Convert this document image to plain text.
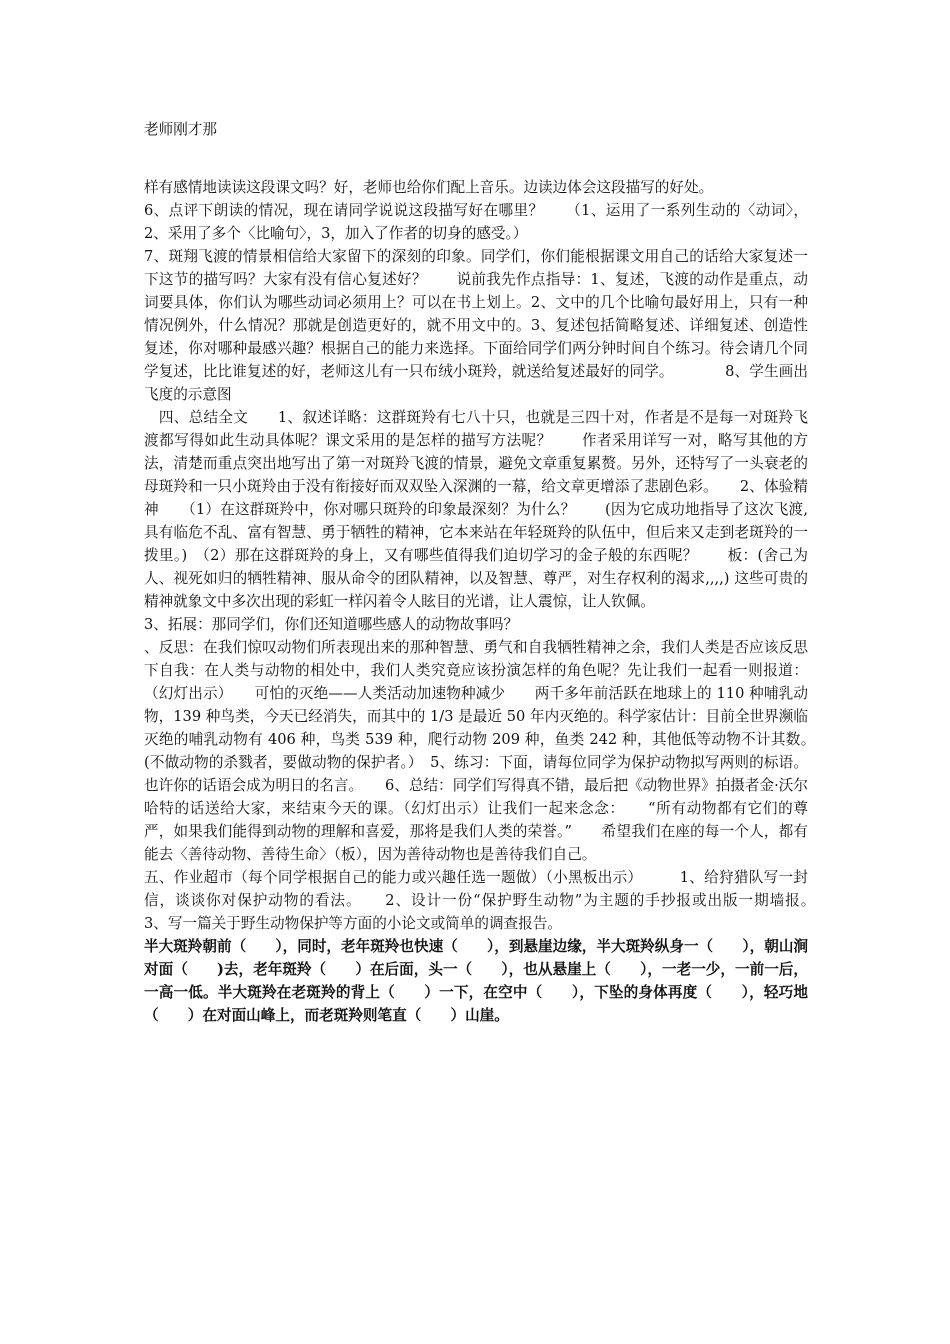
老师刚才那

样有感情地读读这段课文吗？好，老师也给你们配上音乐。边读边体会这段描写的好处。

6、点评下朗读的情况，现在请同学说说这段描写好在哪里？　　（1、运用了一系列生动的〈动词〉，2、采用了多个〈比喻句〉，3，加入了作者的切身的感受。）

7、斑翔飞渡的情景相信给大家留下的深刻的印象。同学们，你们能根据课文用自己的话给大家复述一下这节的描写吗？大家有没有信心复述好？　　说前我先作点指导：1、复述，飞渡的动作是重点，动词要具体，你们认为哪些动词必须用上？可以在书上划上。2、文中的几个比喻句最好用上，只有一种情况例外，什么情况？那就是创造更好的，就不用文中的。3、复述包括简略复述、详细复述、创造性复述，你对哪种最感兴趣？根据自己的能力来选择。下面给同学们两分钟时间自个练习。待会请几个同学复述，比比谁复述的好，老师这儿有一只布绒小斑羚，就送给复述最好的同学。　　　　8、学生画出飞度的示意图

　四、总结全文　　1、叙述详略：这群斑羚有七八十只，也就是三四十对，作者是不是每一对斑羚飞渡都写得如此生动具体呢？课文采用的是怎样的描写方法呢？　　作者采用详写一对，略写其他的方法，清楚而重点突出地写出了第一对斑羚飞渡的情景，避免文章重复累赘。另外，还特写了一头衰老的母斑羚和一只小斑羚由于没有衔接好而双双坠入深渊的一幕，给文章更增添了悲剧色彩。　　2、体验精神　　（1）在这群斑羚中，你对哪只斑羚的印象最深刻？为什么？　　(因为它成功地指导了这次飞渡,具有临危不乱、富有智慧、勇于牺牲的精神，它本来站在年轻斑羚的队伍中，但后来又走到老斑羚的一拨里。)　（2）那在这群斑羚的身上，又有哪些值得我们迫切学习的金子般的东西呢？　　板：(舍己为人、视死如归的牺牲精神、服从命令的团队精神，以及智慧、尊严，对生存权利的渴求,,,,) 这些可贵的精神就象文中多次出现的彩虹一样闪着令人眩目的光谱，让人震惊，让人钦佩。

3、拓展：那同学们，你们还知道哪些感人的动物故事吗？

、反思：在我们惊叹动物们所表现出来的那种智慧、勇气和自我牺牲精神之余，我们人类是否应该反思下自我：在人类与动物的相处中，我们人类究竟应该扮演怎样的角色呢？先让我们一起看一则报道：（幻灯出示）　　可怕的灭绝——人类活动加速物种减少　　两千多年前活跃在地球上的 110 种哺乳动物，139 种鸟类，今天已经消失，而其中的 1/3 是最近 50 年内灭绝的。科学家估计：目前全世界濒临灭绝的哺乳动物有 406 种，鸟类 539 种，爬行动物 209 种，鱼类 242 种，其他低等动物不计其数。　　(不做动物的杀戮者，要做动物的保护者。）　5、练习：下面，请每位同学为保护动物拟写两则的标语。也许你的话语会成为明日的名言。　　6、总结：同学们写得真不错，最后把《动物世界》拍摄者金·沃尔哈特的话送给大家，来结束今天的课。（幻灯出示）让我们一起来念念：　　“所有动物都有它们的尊严，如果我们能得到动物的理解和喜爱，那将是我们人类的荣誉。”　　希望我们在座的每一个人，都有能去〈善待动物、善待生命〉（板），因为善待动物也是善待我们自己。

五、作业超市（每个同学根据自己的能力或兴趣任选一题做）（小黑板出示）　　　1、给狩猎队写一封信，谈谈你对保护动物的看法。　　2、设计一份“保护野生动物”为主题的手抄报或出版一期墙报。　　3、写一篇关于野生动物保护等方面的小论文或简单的调查报告。

半大斑羚朝前（　　），同时，老年斑羚也快速（　　），到悬崖边缘，半大斑羚纵身一（　　），朝山涧对面（　　)去，老年斑羚（　　）在后面，头一（　　），也从悬崖上（　　），一老一少，一前一后，一高一低。半大斑羚在老斑羚的背上（　　）一下，在空中（　　），下坠的身体再度（　　），轻巧地（　　）在对面山峰上，而老斑羚则笔直（　　）山崖。
